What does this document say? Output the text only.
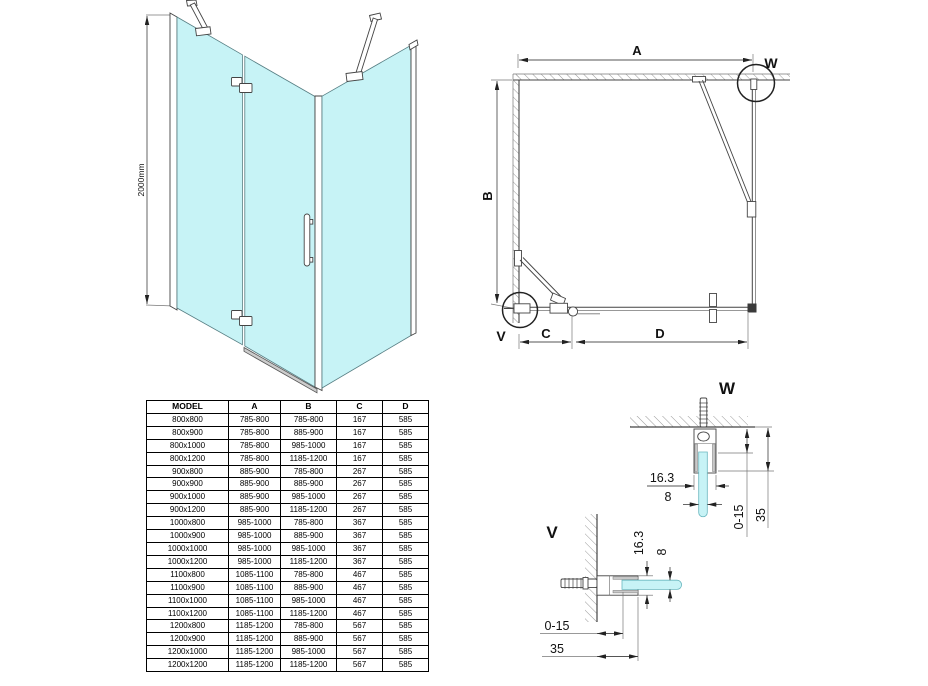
2000mm
A
B
C	D
W
V
W
16.3
8
0-15 35
V	16.3 8
0-15
35
MODEL	A	B	C	D
800x800	785-800	785-800	167	585
800x900	785-800	885-900	167	585
800x1000	785-800	985-1000	167	585
800x1200	785-800	1185-1200	167	585
900x800	885-900	785-800	267	585
900x900	885-900	885-900	267	585
900x1000	885-900	985-1000	267	585
900x1200	885-900	1185-1200	267	585
1000x800	985-1000	785-800	367	585
1000x900	985-1000	885-900	367	585
1000x1000	985-1000	985-1000	367	585
1000x1200	985-1000	1185-1200	367	585
1100x800	1085-1100	785-800	467	585
1100x900	1085-1100	885-900	467	585
1100x1000	1085-1100	985-1000	467	585
1100x1200	1085-1100	1185-1200	467	585
1200x800	1185-1200	785-800	567	585
1200x900	1185-1200	885-900	567	585
1200x1000	1185-1200	985-1000	567	585
1200x1200	1185-1200	1185-1200	567	585
